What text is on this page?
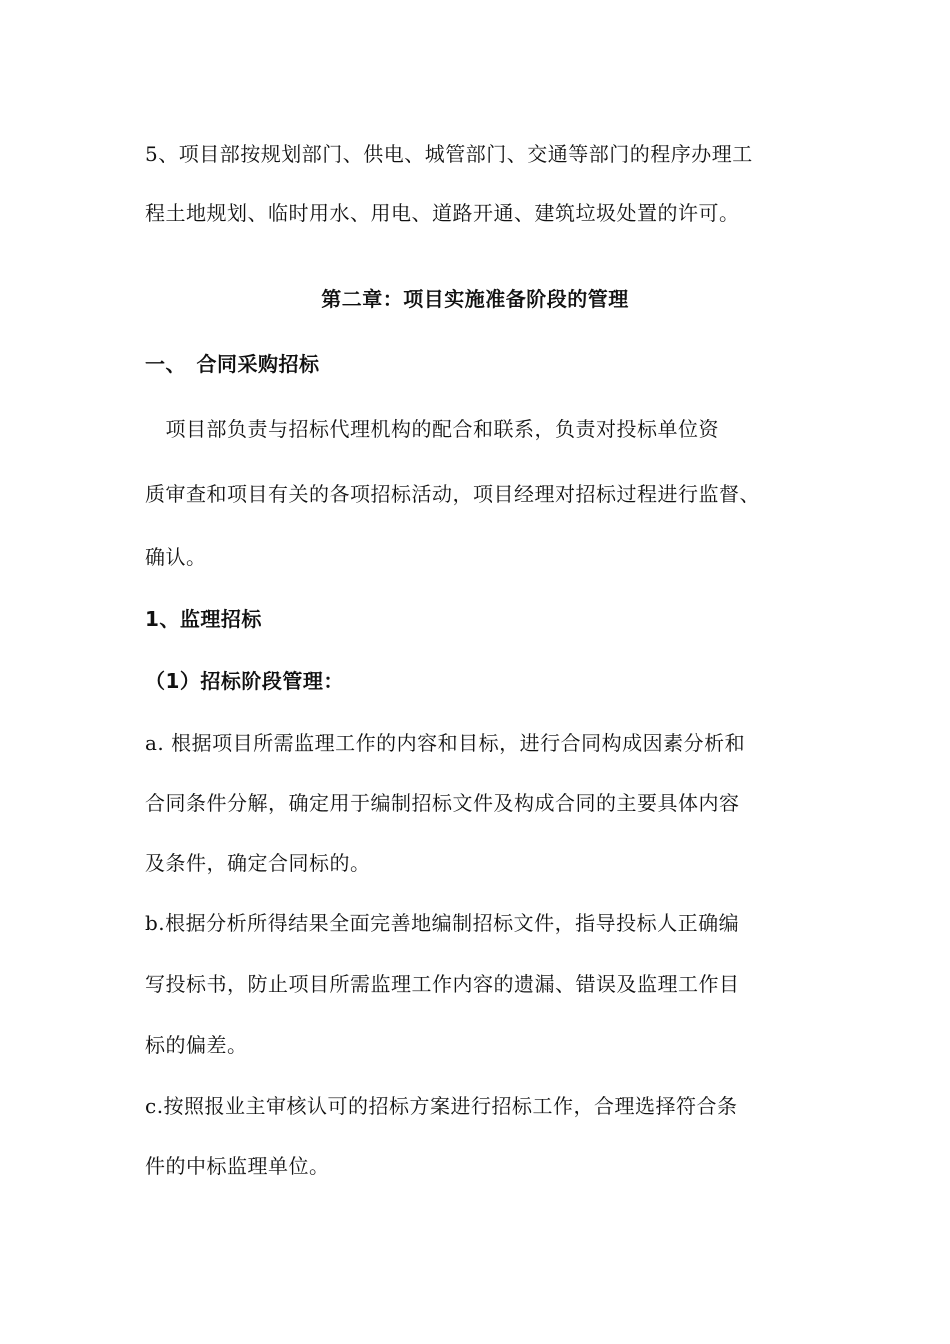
5、项目部按规划部门、供电、城管部门、交通等部门的程序办理工
程土地规划、临时用水、用电、道路开通、建筑垃圾处置的许可。
第二章：项目实施准备阶段的管理
一、　合同采购招标
　项目部负责与招标代理机构的配合和联系，负责对投标单位资
质审查和项目有关的各项招标活动，项目经理对招标过程进行监督、
确认。
1、监理招标
（1）招标阶段管理：
a. 根据项目所需监理工作的内容和目标，进行合同构成因素分析和
合同条件分解，确定用于编制招标文件及构成合同的主要具体内容
及条件，确定合同标的。
b.根据分析所得结果全面完善地编制招标文件，指导投标人正确编
写投标书，防止项目所需监理工作内容的遗漏、错误及监理工作目
标的偏差。
c.按照报业主审核认可的招标方案进行招标工作，合理选择符合条
件的中标监理单位。
